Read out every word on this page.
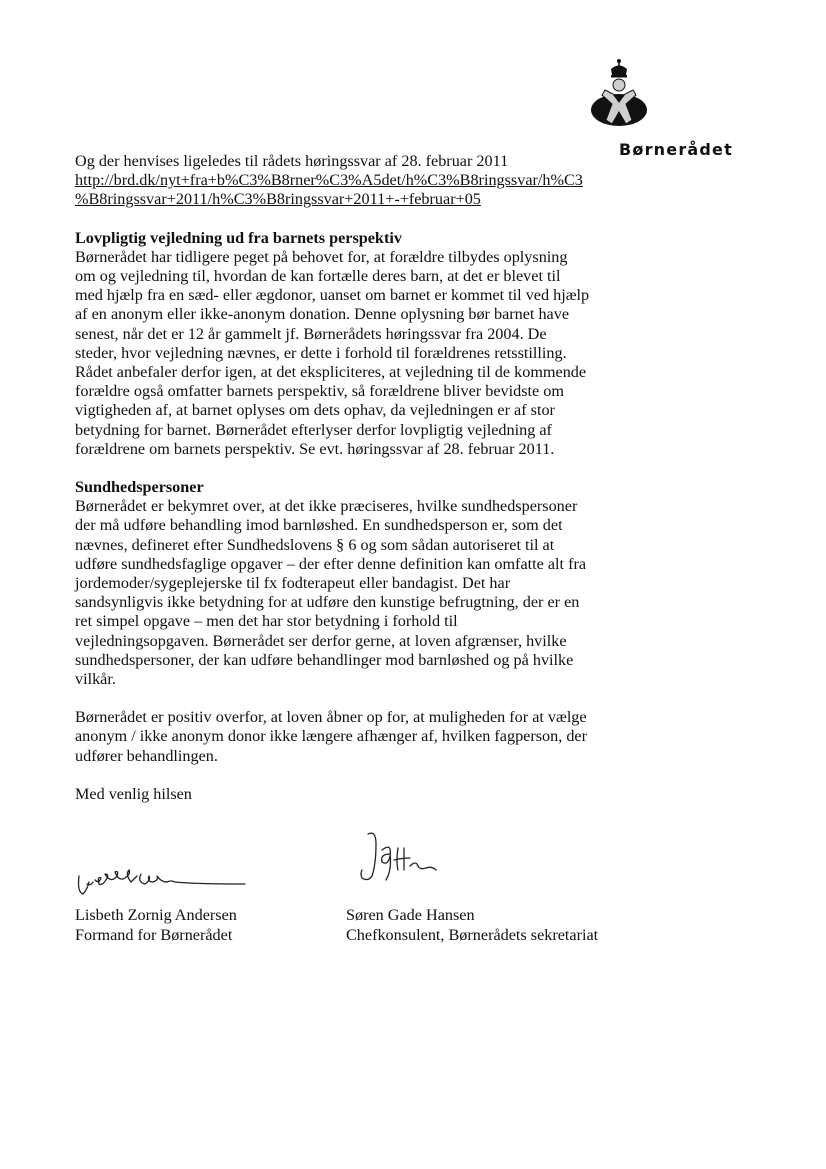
Børnerådet

Og der henvises ligeledes til rådets høringssvar af 28. februar 2011

http://brd.dk/nyt+fra+b%C3%B8rner%C3%A5det/h%C3%B8ringssvar/h%C3
%B8ringssvar+2011/h%C3%B8ringssvar+2011+-+februar+05

Lovpligtig vejledning ud fra barnets perspektiv

Børnerådet har tidligere peget på behovet for, at forældre tilbydes oplysning
om og vejledning til, hvordan de kan fortælle deres barn, at det er blevet til
med hjælp fra en sæd- eller ægdonor, uanset om barnet er kommet til ved hjælp
af en anonym eller ikke-anonym donation. Denne oplysning bør barnet have
senest, når det er 12 år gammelt jf. Børnerådets høringssvar fra 2004. De
steder, hvor vejledning nævnes, er dette i forhold til forældrenes retsstilling.
Rådet anbefaler derfor igen, at det ekspliciteres, at vejledning til de kommende
forældre også omfatter barnets perspektiv, så forældrene bliver bevidste om
vigtigheden af, at barnet oplyses om dets ophav, da vejledningen er af stor
betydning for barnet. Børnerådet efterlyser derfor lovpligtig vejledning af
forældrene om barnets perspektiv. Se evt. høringssvar af 28. februar 2011.

Sundhedspersoner

Børnerådet er bekymret over, at det ikke præciseres, hvilke sundhedspersoner
der må udføre behandling imod barnløshed. En sundhedsperson er, som det
nævnes, defineret efter Sundhedslovens § 6 og som sådan autoriseret til at
udføre sundhedsfaglige opgaver – der efter denne definition kan omfatte alt fra
jordemoder/sygeplejerske til fx fodterapeut eller bandagist. Det har
sandsynligvis ikke betydning for at udføre den kunstige befrugtning, der er en
ret simpel opgave – men det har stor betydning i forhold til
vejledningsopgaven. Børnerådet ser derfor gerne, at loven afgrænser, hvilke
sundhedspersoner, der kan udføre behandlinger mod barnløshed og på hvilke
vilkår.
Børnerådet er positiv overfor, at loven åbner op for, at muligheden for at vælge
anonym / ikke anonym donor ikke længere afhænger af, hvilken fagperson, der
udfører behandlingen.

Med venlig hilsen

Lisbeth Zornig Andersen
Formand for Børnerådet
Søren Gade Hansen
Chefkonsulent, Børnerådets sekretariat
